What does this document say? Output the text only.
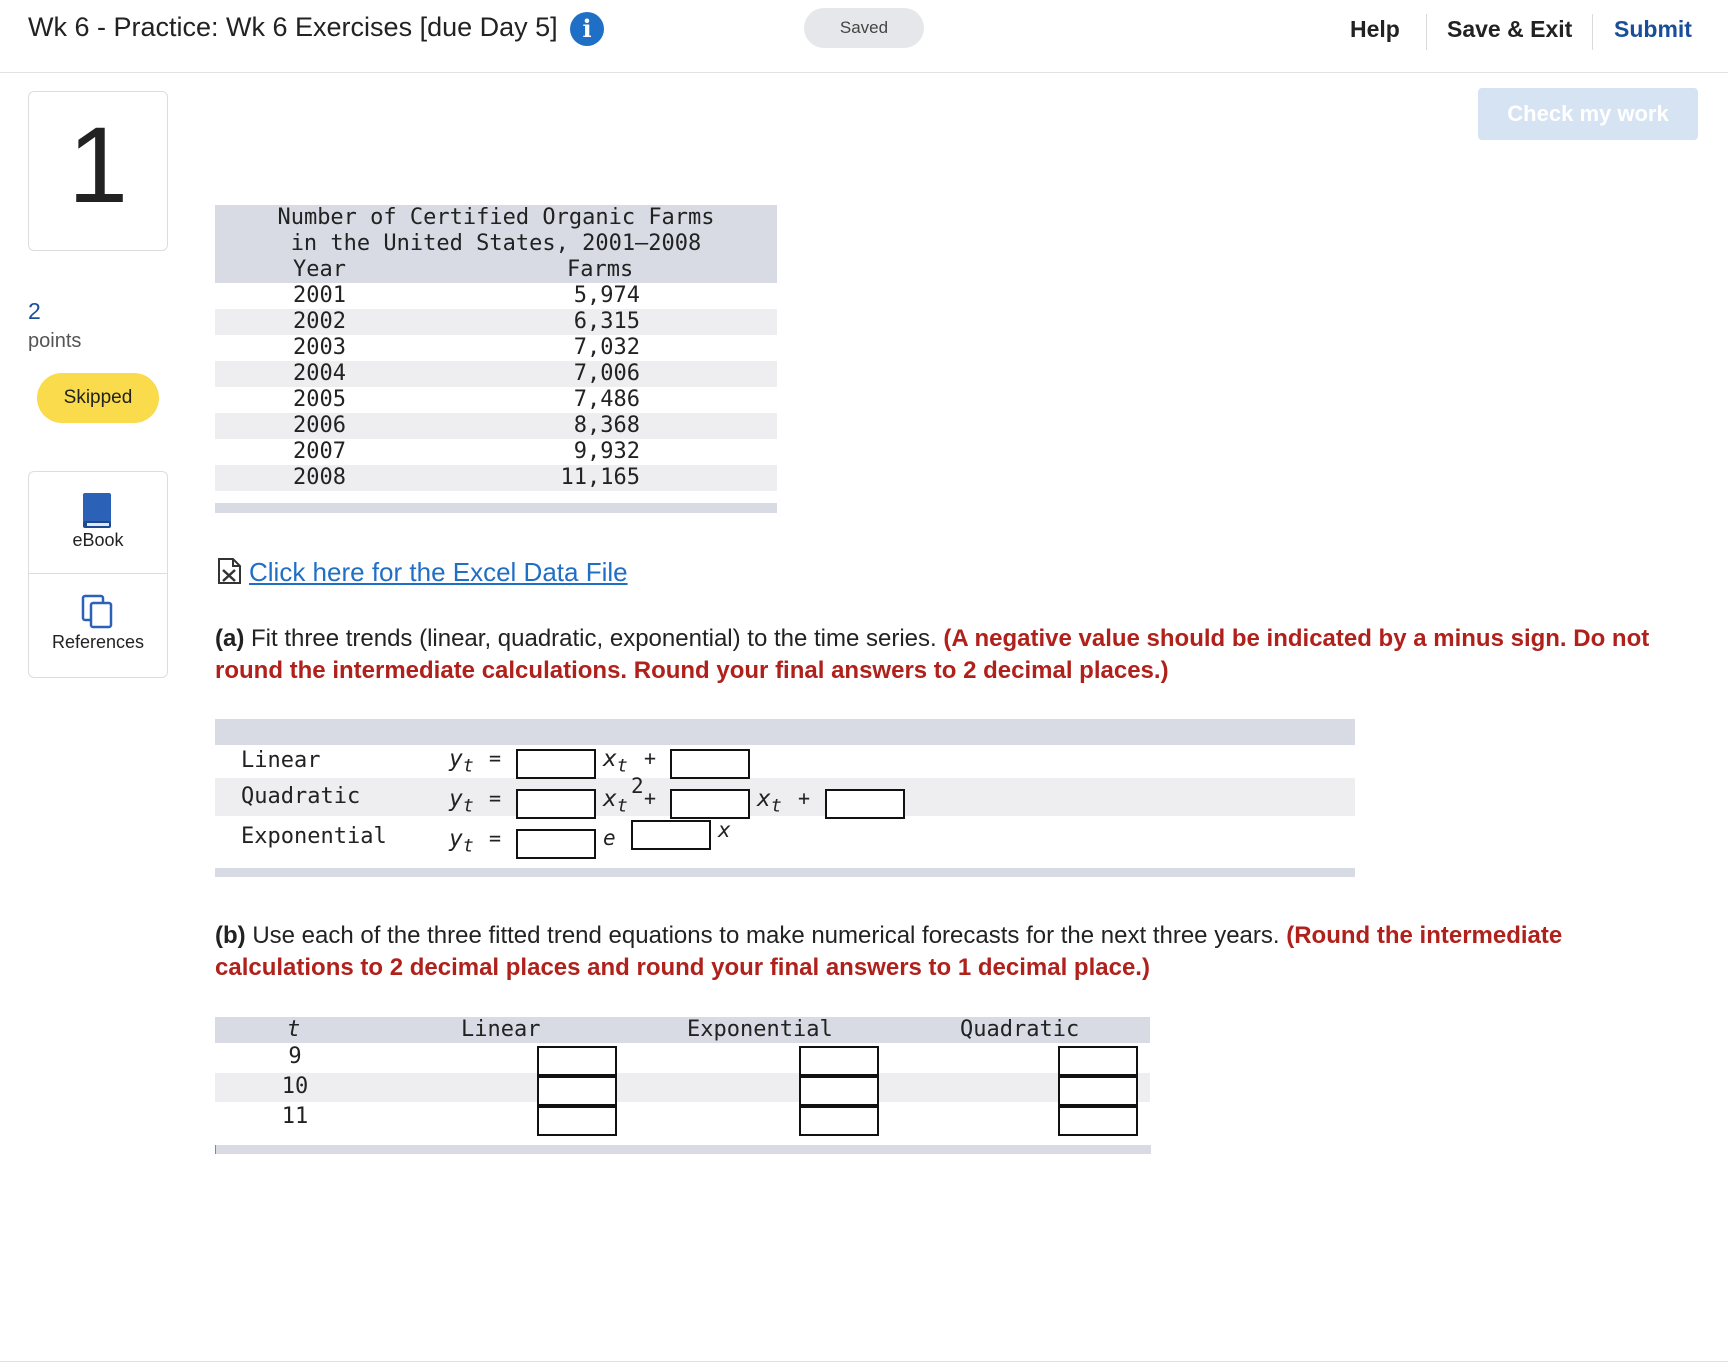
Wk 6 - Practice: Wk 6 Exercises [due Day 5]	i	Saved	Help Save & Exit Submit
Check my work
1
2
points
Skipped
eBook
References
Number of Certified Organic Farms
in the United States, 2001–2008
Year	Farms
2001	5,974
2002	6,315
2003	7,032
2004	7,006
2005	7,486
2006	8,368
2007	9,932
2008	11,165
Click here for the Excel Data File
(a) Fit three trends (linear, quadratic, exponential) to the time series. (A negative value should be indicated by a minus sign. Do not round the intermediate calculations. Round your final answers to 2 decimal places.)
Linear	$y_t$ =	$x_t$ +
Quadratic	$y_t$ =	$x_t$
2 +	$x_t$ +
Exponential	$y_t$ =	e	x
(b) Use each of the three fitted trend equations to make numerical forecasts for the next three years. (Round the intermediate calculations to 2 decimal places and round your final answers to 1 decimal place.)
t	Linear	Exponential	Quadratic
9
10
11
